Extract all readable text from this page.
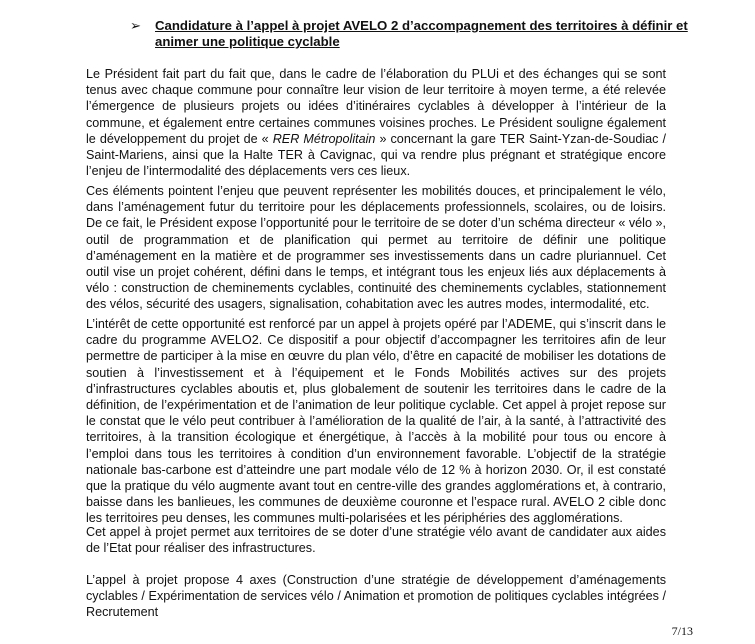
➢ Candidature à l’appel à projet AVELO 2 d’accompagnement des territoires à définir et animer une politique cyclable

Le Président fait part du fait que, dans le cadre de l’élaboration du PLUi et des échanges qui se sont tenus avec chaque commune pour connaître leur vision de leur territoire à moyen terme, a été relevée l’émergence de plusieurs projets ou idées d’itinéraires cyclables à développer à l’intérieur de la commune, et également entre certaines communes voisines proches. Le Président souligne également le développement du projet de « RER Métropolitain » concernant la gare TER Saint-Yzan-de-Soudiac / Saint-Mariens, ainsi que la Halte TER à Cavignac, qui va rendre plus prégnant et stratégique encore l’enjeu de l’intermodalité des déplacements vers ces lieux.

Ces éléments pointent l’enjeu que peuvent représenter les mobilités douces, et principalement le vélo, dans l’aménagement futur du territoire pour les déplacements professionnels, scolaires, ou de loisirs. De ce fait, le Président expose l’opportunité pour le territoire de se doter d’un schéma directeur « vélo », outil de programmation et de planification qui permet au territoire de définir une politique d’aménagement en la matière et de programmer ses investissements dans un cadre pluriannuel. Cet outil vise un projet cohérent, défini dans le temps, et intégrant tous les enjeux liés aux déplacements à vélo : construction de cheminements cyclables, continuité des cheminements cyclables, stationnement des vélos, sécurité des usagers, signalisation, cohabitation avec les autres modes, intermodalité, etc.

L’intérêt de cette opportunité est renforcé par un appel à projets opéré par l’ADEME, qui s’inscrit dans le cadre du programme AVELO2. Ce dispositif a pour objectif d’accompagner les territoires afin de leur permettre de participer à la mise en œuvre du plan vélo, d’être en capacité de mobiliser les dotations de soutien à l’investissement et à l’équipement et le Fonds Mobilités actives sur des projets d’infrastructures cyclables aboutis et, plus globalement de soutenir les territoires dans le cadre de la définition, de l’expérimentation et de l’animation de leur politique cyclable. Cet appel à projet repose sur le constat que le vélo peut contribuer à l’amélioration de la qualité de l’air, à la santé, à l’attractivité des territoires, à la transition écologique et énergétique, à l’accès à la mobilité pour tous ou encore à l’emploi dans tous les territoires à condition d’un environnement favorable. L’objectif de la stratégie nationale bas-carbone est d’atteindre une part modale vélo de 12 % à horizon 2030. Or, il est constaté que la pratique du vélo augmente avant tout en centre-ville des grandes agglomérations et, à contrario, baisse dans les banlieues, les communes de deuxième couronne et l’espace rural. AVELO 2 cible donc les territoires peu denses, les communes multi-polarisées et les périphéries des agglomérations.

Cet appel à projet permet aux territoires de se doter d’une stratégie vélo avant de candidater aux aides de l’Etat pour réaliser des infrastructures.

L’appel à projet propose 4 axes (Construction d’une stratégie de développement d’aménagements cyclables / Expérimentation de services vélo / Animation et promotion de politiques cyclables intégrées / Recrutement

7/13
